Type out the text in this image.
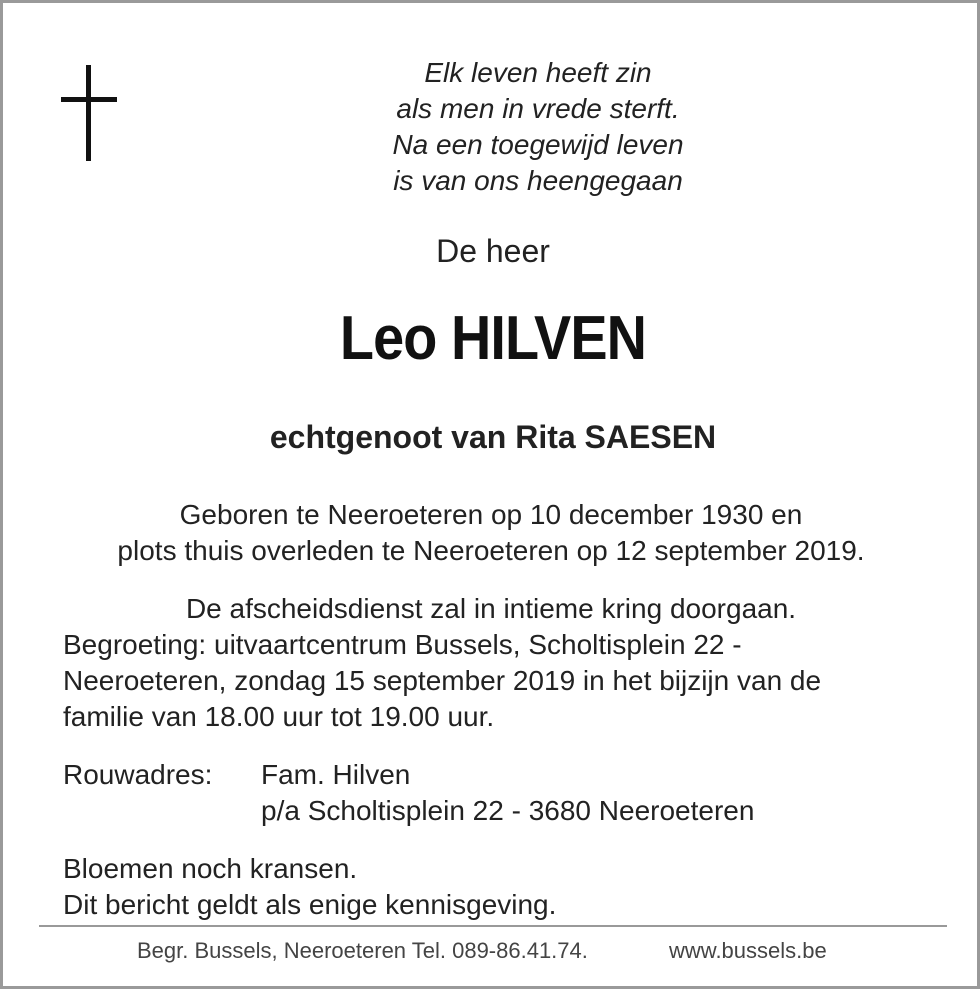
Elk leven heeft zin
als men in vrede sterft.
Na een toegewijd leven
is van ons heengegaan
De heer
Leo HILVEN
echtgenoot van Rita SAESEN
Geboren te Neeroeteren op 10 december 1930 en
plots thuis overleden te Neeroeteren op 12 september 2019.
De afscheidsdienst zal in intieme kring doorgaan.
Begroeting: uitvaartcentrum Bussels, Scholtisplein 22 -
Neeroeteren, zondag 15 september 2019 in het bijzijn van de
familie van 18.00 uur tot 19.00 uur.
Rouwadres: Fam. Hilven
p/a Scholtisplein 22 - 3680 Neeroeteren
Bloemen noch kransen.
Dit bericht geldt als enige kennisgeving.
Begr. Bussels, Neeroeteren Tel. 089-86.41.74.	www.bussels.be
